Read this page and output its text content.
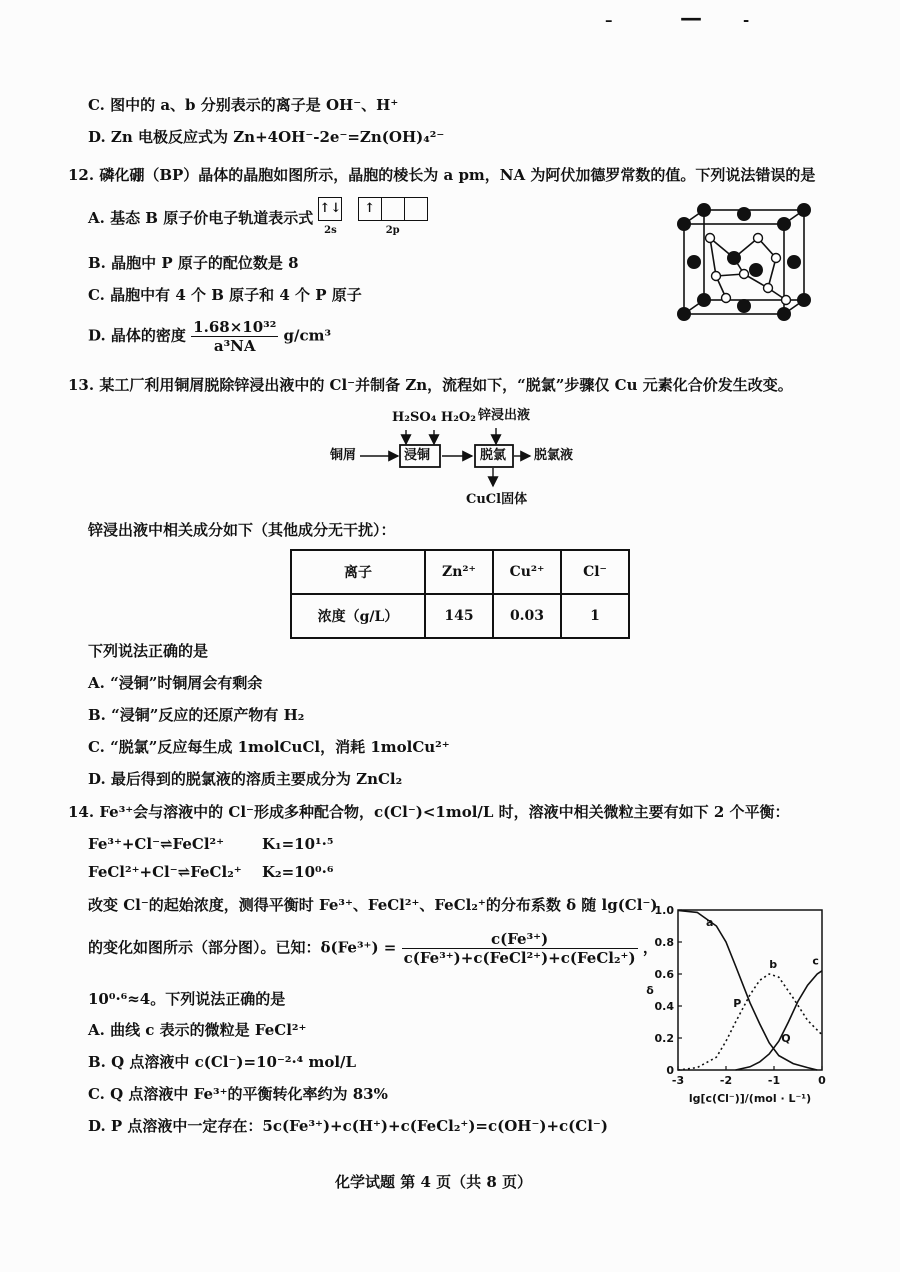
–	—	-
C. 图中的 a、b 分别表示的离子是 OH⁻、H⁺
D. Zn 电极反应式为 Zn+4OH⁻-2e⁻=Zn(OH)₄²⁻
12. 磷化硼（BP）晶体的晶胞如图所示，晶胞的棱长为 a pm，NA 为阿伏加德罗常数的值。下列说法错误的是
A. 基态 B 原子价电子轨道表示式
↑↓
2s

↑
2p
B. 晶胞中 P 原子的配位数是 8
C. 晶胞中有 4 个 B 原子和 4 个 P 原子
D. 晶体的密度 $\frac{\text{1.68×10³²}}{\text{a³NA}} g/cm^3$
13. 某工厂利用铜屑脱除锌浸出液中的 Cl⁻并制备 Zn，流程如下，“脱氯”步骤仅 Cu 元素化合价发生改变。
铜屑
H₂SO₄ H₂O₂ 锌浸出液
浸铜	脱氯 脱氯液
CuCl固体
锌浸出液中相关成分如下（其他成分无干扰）：
离子	Zn²⁺	Cu²⁺	Cl⁻
浓度（g/L）	145	0.03	1
下列说法正确的是
A. “浸铜”时铜屑会有剩余
B. “浸铜”反应的还原产物有 H₂
C. “脱氯”反应每生成 1molCuCl，消耗 1molCu²⁺
D. 最后得到的脱氯液的溶质主要成分为 ZnCl₂
14. Fe³⁺会与溶液中的 Cl⁻形成多种配合物，c(Cl⁻)<1mol/L 时，溶液中相关微粒主要有如下 2 个平衡：
Fe³⁺+Cl⁻⇌FeCl²⁺	K₁=10¹·⁵
FeCl²⁺+Cl⁻⇌FeCl₂⁺ K₂=10⁰·⁶
改变 Cl⁻的起始浓度，测得平衡时 Fe³⁺、FeCl²⁺、FeCl₂⁺的分布系数 δ 随 lg(Cl⁻)
的变化如图所示（部分图）。已知：$\delta(Fe^{3+}) = \frac{\text{c(Fe³⁺)}}{\text{c(Fe³⁺)+c(FeCl²⁺)+c(FeCl₂⁺)}}$ ，
10⁰·⁶≈4。下列说法正确的是
A. 曲线 c 表示的微粒是 FeCl²⁺
B. Q 点溶液中 c(Cl⁻)=10⁻²·⁴ mol/L
C. Q 点溶液中 Fe³⁺的平衡转化率约为 83%
D. P 点溶液中一定存在：5c(Fe³⁺)+c(H⁺)+c(FeCl₂⁺)=c(OH⁻)+c(Cl⁻)
-3	-2	-1	0
0
0.2
0.4
0.6
0.8
1.0
δ
lg[c(Cl⁻)]/(mol · L⁻¹)
a
b	c
P
Q
化学试题 第 4 页（共 8 页）
